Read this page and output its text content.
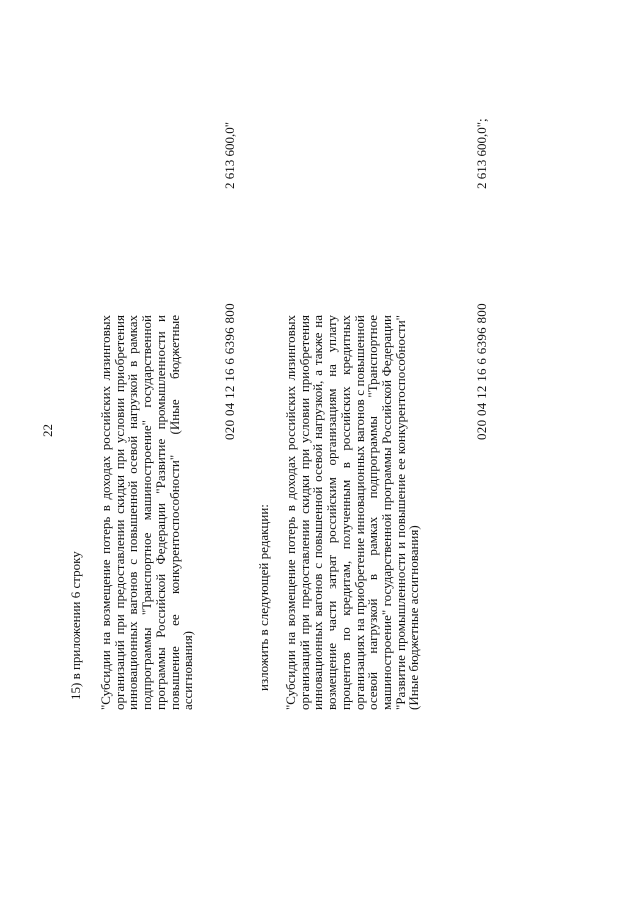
22
15) в приложении 6 строку "Субсидии на возмещение потерь в доходах российских лизинговых организаций при предоставлении скидки при условии приобретения инновационных вагонов с повышенной осевой нагрузкой в рамках подпрограммы "Транспортное машиностроение" государственной программы Российской Федерации "Развитие промышленности и повышение ее конкурентоспособности" (Иные бюджетные ассигнования)
020 04 12 16 6 6396 800
2 613 600,0"
изложить в следующей редакции: "Субсидии на возмещение потерь в доходах российских лизинговых организаций при предоставлении скидки при условии приобретения инновационных вагонов с повышенной осевой нагрузкой, а также на возмещение части затрат российским организациям на уплату процентов по кредитам, полученным в российских кредитных организациях на приобретение инновационных вагонов с повышенной осевой нагрузкой в рамках подпрограммы "Транспортное машиностроение" государственной программы Российской Федерации "Развитие промышленности и повышение ее конкурентоспособности" (Иные бюджетные ассигнования)
020 04 12 16 6 6396 800
2 613 600,0";
